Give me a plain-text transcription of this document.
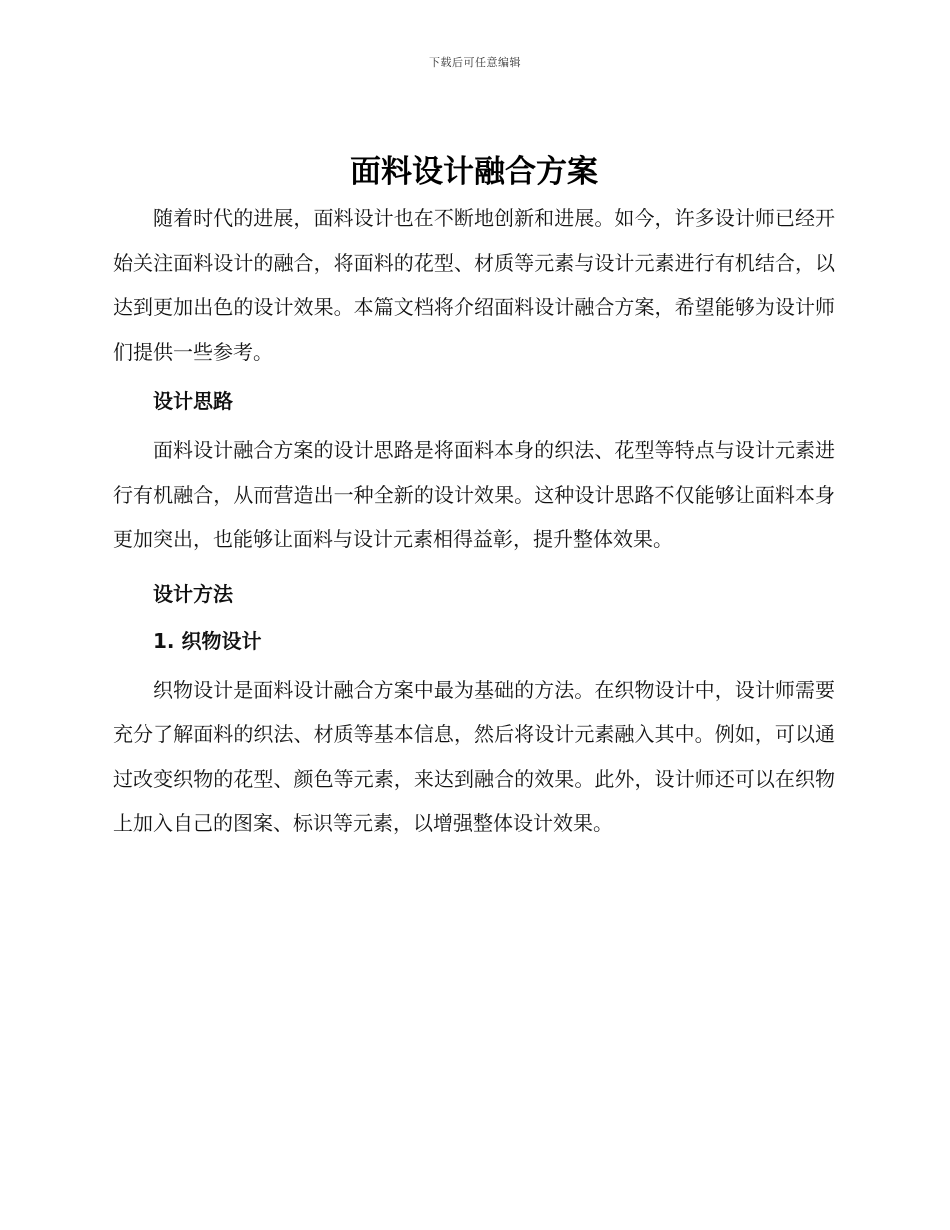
下载后可任意编辑
面料设计融合方案

随着时代的进展，面料设计也在不断地创新和进展。如今，许多设计师已经开始关注面料设计的融合，将面料的花型、材质等元素与设计元素进行有机结合，以达到更加出色的设计效果。本篇文档将介绍面料设计融合方案，希望能够为设计师们提供一些参考。

设计思路

面料设计融合方案的设计思路是将面料本身的织法、花型等特点与设计元素进行有机融合，从而营造出一种全新的设计效果。这种设计思路不仅能够让面料本身更加突出，也能够让面料与设计元素相得益彰，提升整体效果。

设计方法
1. 织物设计

织物设计是面料设计融合方案中最为基础的方法。在织物设计中，设计师需要充分了解面料的织法、材质等基本信息，然后将设计元素融入其中。例如，可以通过改变织物的花型、颜色等元素，来达到融合的效果。此外，设计师还可以在织物上加入自己的图案、标识等元素，以增强整体设计效果。
